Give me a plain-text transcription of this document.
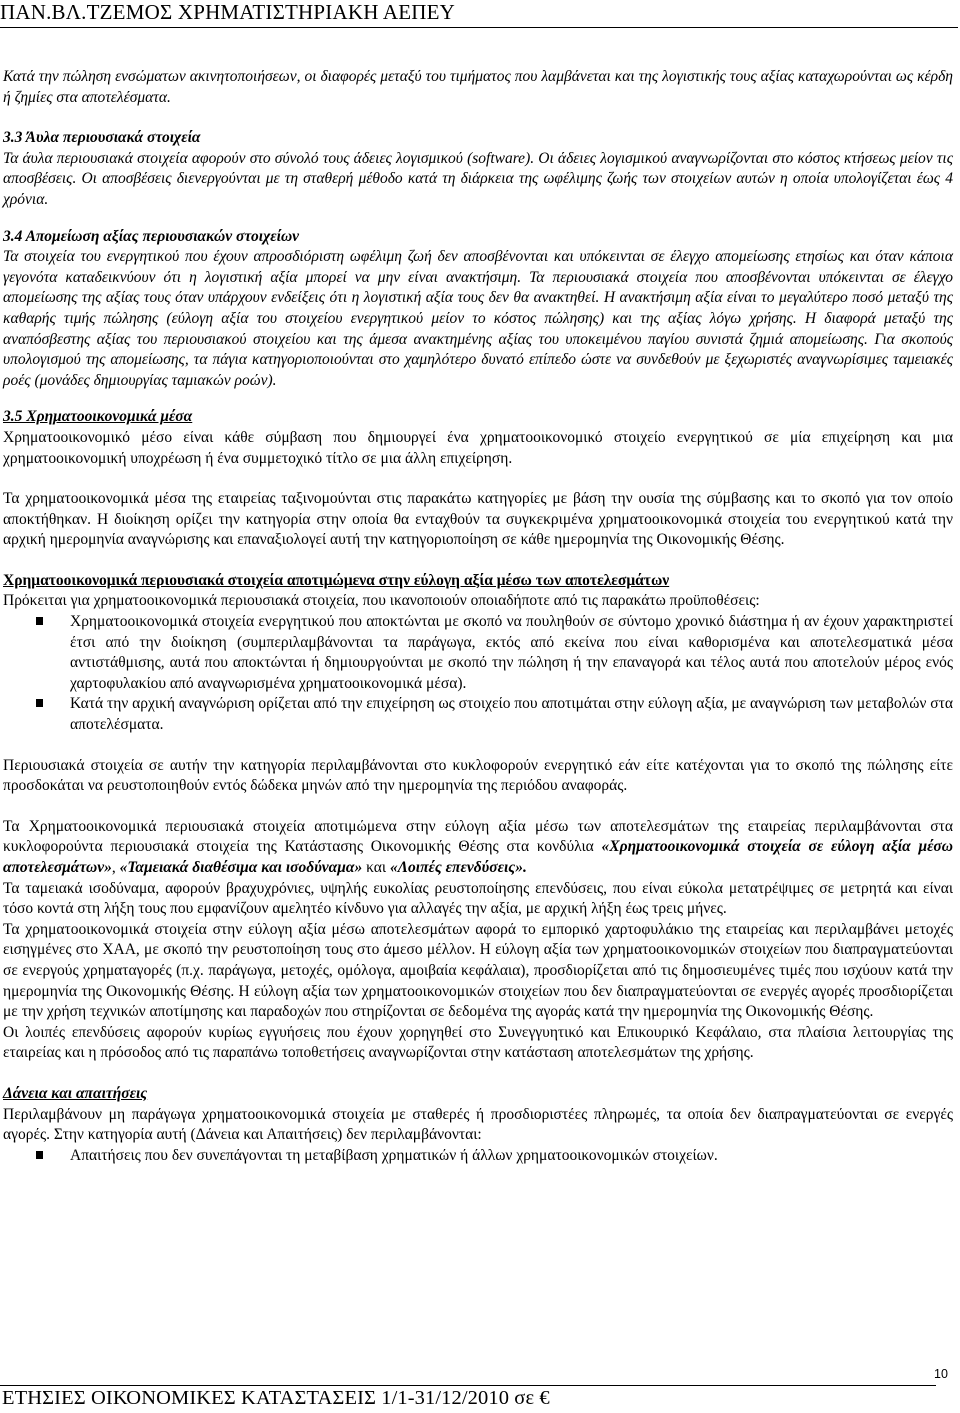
ΠΑΝ.ΒΛ.ΤΖΕΜΟΣ ΧΡΗΜΑΤΙΣΤΗΡΙΑΚΗ ΑΕΠΕΥ

Κατά την πώληση ενσώματων ακινητοποιήσεων, οι διαφορές μεταξύ του τιμήματος που λαμβάνεται και της λογιστικής τους αξίας καταχωρούνται ως κέρδη ή ζημίες στα αποτελέσματα.

3.3 Άυλα περιουσιακά στοιχεία

Τα άυλα περιουσιακά στοιχεία αφορούν στο σύνολό τους άδειες λογισμικού (software). Οι άδειες λογισμικού αναγνωρίζονται στο κόστος κτήσεως μείον τις αποσβέσεις. Οι αποσβέσεις διενεργούνται με τη σταθερή μέθοδο κατά τη διάρκεια της ωφέλιμης ζωής των στοιχείων αυτών η οποία υπολογίζεται έως 4 χρόνια.

3.4 Απομείωση αξίας περιουσιακών στοιχείων

Τα στοιχεία του ενεργητικού που έχουν απροσδιόριστη ωφέλιμη ζωή δεν αποσβένονται και υπόκεινται σε έλεγχο απομείωσης ετησίως και όταν κάποια γεγονότα καταδεικνύουν ότι η λογιστική αξία μπορεί να μην είναι ανακτήσιμη. Τα περιουσιακά στοιχεία που αποσβένονται υπόκεινται σε έλεγχο απομείωσης της αξίας τους όταν υπάρχουν ενδείξεις ότι η λογιστική αξία τους δεν θα ανακτηθεί. Η ανακτήσιμη αξία είναι το μεγαλύτερο ποσό μεταξύ της καθαρής τιμής πώλησης (εύλογη αξία του στοιχείου ενεργητικού μείον το κόστος πώλησης) και της αξίας λόγω χρήσης. Η διαφορά μεταξύ της αναπόσβεστης αξίας του περιουσιακού στοιχείου και της άμεσα ανακτημένης αξίας του υποκειμένου παγίου συνιστά ζημιά απομείωσης. Για σκοπούς υπολογισμού της απομείωσης, τα πάγια κατηγοριοποιούνται στο χαμηλότερο δυνατό επίπεδο ώστε να συνδεθούν με ξεχωριστές αναγνωρίσιμες ταμειακές ροές (μονάδες δημιουργίας ταμιακών ροών).

3.5 Χρηματοοικονομικά μέσα

Χρηματοοικονομικό μέσο είναι κάθε σύμβαση που δημιουργεί ένα χρηματοοικονομικό στοιχείο ενεργητικού σε μία επιχείρηση και μια χρηματοοικονομική υποχρέωση ή ένα συμμετοχικό τίτλο σε μια άλλη επιχείρηση.

Τα χρηματοοικονομικά μέσα της εταιρείας ταξινομούνται στις παρακάτω κατηγορίες με βάση την ουσία της σύμβασης και το σκοπό για τον οποίο αποκτήθηκαν. Η διοίκηση ορίζει την κατηγορία στην οποία θα ενταχθούν τα συγκεκριμένα χρηματοοικονομικά στοιχεία του ενεργητικού κατά την αρχική ημερομηνία αναγνώρισης και επαναξιολογεί αυτή την κατηγοριοποίηση σε κάθε ημερομηνία της Οικονομικής Θέσης.

Χρηματοοικονομικά περιουσιακά στοιχεία αποτιμώμενα στην εύλογη αξία μέσω των αποτελεσμάτων

Πρόκειται για χρηματοοικονομικά περιουσιακά στοιχεία, που ικανοποιούν οποιαδήποτε από τις παρακάτω προϋποθέσεις:

Χρηματοοικονομικά στοιχεία ενεργητικού που αποκτώνται με σκοπό να πουληθούν σε σύντομο χρονικό διάστημα ή αν έχουν χαρακτηριστεί έτσι από την διοίκηση (συμπεριλαμβάνονται τα παράγωγα, εκτός από εκείνα που είναι καθορισμένα και αποτελεσματικά μέσα αντιστάθμισης, αυτά που αποκτώνται ή δημιουργούνται με σκοπό την πώληση ή την επαναγορά και τέλος αυτά που αποτελούν μέρος ενός χαρτοφυλακίου από αναγνωρισμένα χρηματοοικονομικά μέσα).
Κατά την αρχική αναγνώριση ορίζεται από την επιχείρηση ως στοιχείο που αποτιμάται στην εύλογη αξία, με αναγνώριση των μεταβολών στα αποτελέσματα.

Περιουσιακά στοιχεία σε αυτήν την κατηγορία περιλαμβάνονται στο κυκλοφορούν ενεργητικό εάν είτε κατέχονται για το σκοπό της πώλησης είτε προσδοκάται να ρευστοποιηθούν εντός δώδεκα μηνών από την ημερομηνία της περιόδου αναφοράς.

Τα Χρηματοοικονομικά περιουσιακά στοιχεία αποτιμώμενα στην εύλογη αξία μέσω των αποτελεσμάτων της εταιρείας περιλαμβάνονται στα κυκλοφορούντα περιουσιακά στοιχεία της Κατάστασης Οικονομικής Θέσης στα κονδύλια «Χρηματοοικονομικά στοιχεία σε εύλογη αξία μέσω αποτελεσμάτων», «Ταμειακά διαθέσιμα και ισοδύναμα» και «Λοιπές επενδύσεις».

Τα ταμειακά ισοδύναμα, αφορούν βραχυχρόνιες, υψηλής ευκολίας ρευστοποίησης επενδύσεις, που είναι εύκολα μετατρέψιμες σε μετρητά και είναι τόσο κοντά στη λήξη τους που εμφανίζουν αμελητέο κίνδυνο για αλλαγές την αξία, με αρχική λήξη έως τρεις μήνες.

Τα χρηματοοικονομικά στοιχεία στην εύλογη αξία μέσω αποτελεσμάτων αφορά το εμπορικό χαρτοφυλάκιο της εταιρείας και περιλαμβάνει μετοχές εισηγμένες στο ΧΑΑ, με σκοπό την ρευστοποίηση τους στο άμεσο μέλλον. Η εύλογη αξία των χρηματοοικονομικών στοιχείων που διαπραγματεύονται σε ενεργούς χρηματαγορές (π.χ. παράγωγα, μετοχές, ομόλογα, αμοιβαία κεφάλαια), προσδιορίζεται από τις δημοσιευμένες τιμές που ισχύουν κατά την ημερομηνία της Οικονομικής Θέσης. Η εύλογη αξία των χρηματοοικονομικών στοιχείων που δεν διαπραγματεύονται σε ενεργές αγορές προσδιορίζεται με την χρήση τεχνικών αποτίμησης και παραδοχών που στηρίζονται σε δεδομένα της αγοράς κατά την ημερομηνία της Οικονομικής Θέσης.

Οι λοιπές επενδύσεις αφορούν κυρίως εγγυήσεις που έχουν χορηγηθεί στο Συνεγγυητικό και Επικουρικό Κεφάλαιο, στα πλαίσια λειτουργίας της εταιρείας και η πρόσοδος από τις παραπάνω τοποθετήσεις αναγνωρίζονται στην κατάσταση αποτελεσμάτων της χρήσης.

Δάνεια και απαιτήσεις

Περιλαμβάνουν μη παράγωγα χρηματοοικονομικά στοιχεία με σταθερές ή προσδιοριστέες πληρωμές, τα οποία δεν διαπραγματεύονται σε ενεργές αγορές. Στην κατηγορία αυτή (Δάνεια και Απαιτήσεις) δεν περιλαμβάνονται:

Απαιτήσεις που δεν συνεπάγονται τη μεταβίβαση χρηματικών ή άλλων χρηματοοικονομικών στοιχείων.
10
ΕΤΗΣΙΕΣ ΟΙΚΟΝΟΜΙΚΕΣ ΚΑΤΑΣΤΑΣΕΙΣ 1/1-31/12/2010 σε €
